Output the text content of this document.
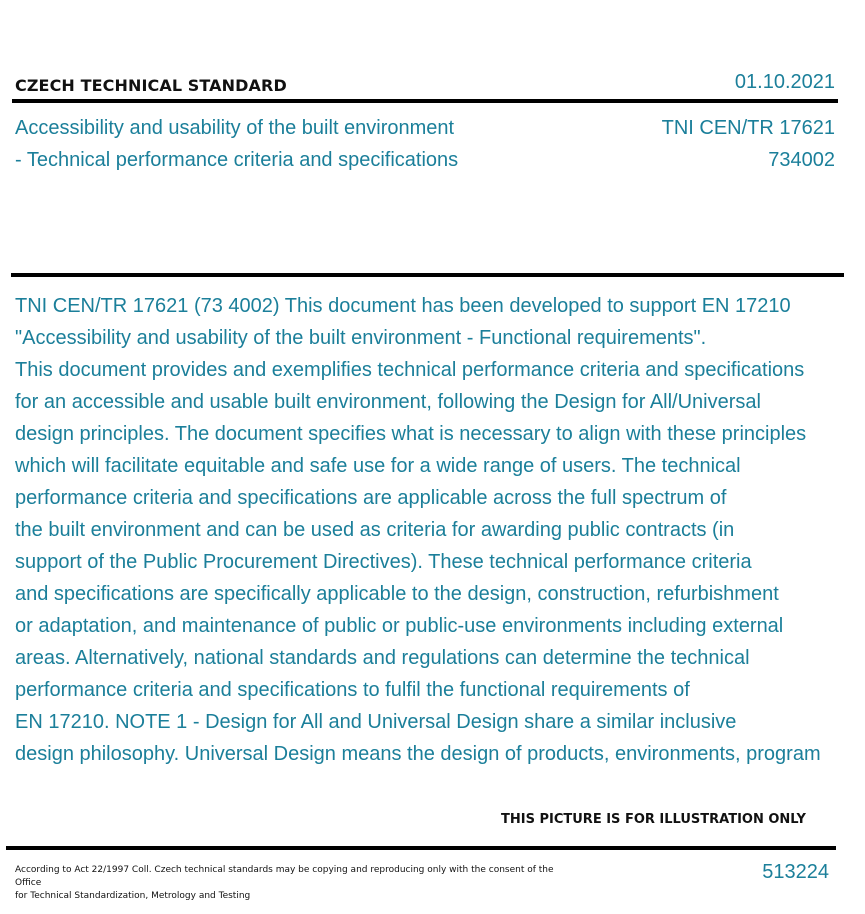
CZECH TECHNICAL STANDARD	01.10.2021
Accessibility and usability of the built environment
- Technical performance criteria and specifications
TNI CEN/TR 17621
734002
TNI CEN/TR 17621 (73 4002) This document has been developed to support EN 17210
"Accessibility and usability of the built environment - Functional requirements".
This document provides and exemplifies technical performance criteria and specifications
for an accessible and usable built environment, following the Design for All/Universal
design principles. The document specifies what is necessary to align with these principles
which will facilitate equitable and safe use for a wide range of users. The technical
performance criteria and specifications are applicable across the full spectrum of
the built environment and can be used as criteria for awarding public contracts (in
support of the Public Procurement Directives). These technical performance criteria
and specifications are specifically applicable to the design, construction, refurbishment
or adaptation, and maintenance of public or public-use environments including external
areas. Alternatively, national standards and regulations can determine the technical
performance criteria and specifications to fulfil the functional requirements of
EN 17210. NOTE 1 - Design for All and Universal Design share a similar inclusive
design philosophy. Universal Design means the design of products, environments, program
THIS PICTURE IS FOR ILLUSTRATION ONLY
According to Act 22/1997 Coll. Czech technical standards may be copying and reproducing only with the consent of the Office
for Technical Standardization, Metrology and Testing
513224
